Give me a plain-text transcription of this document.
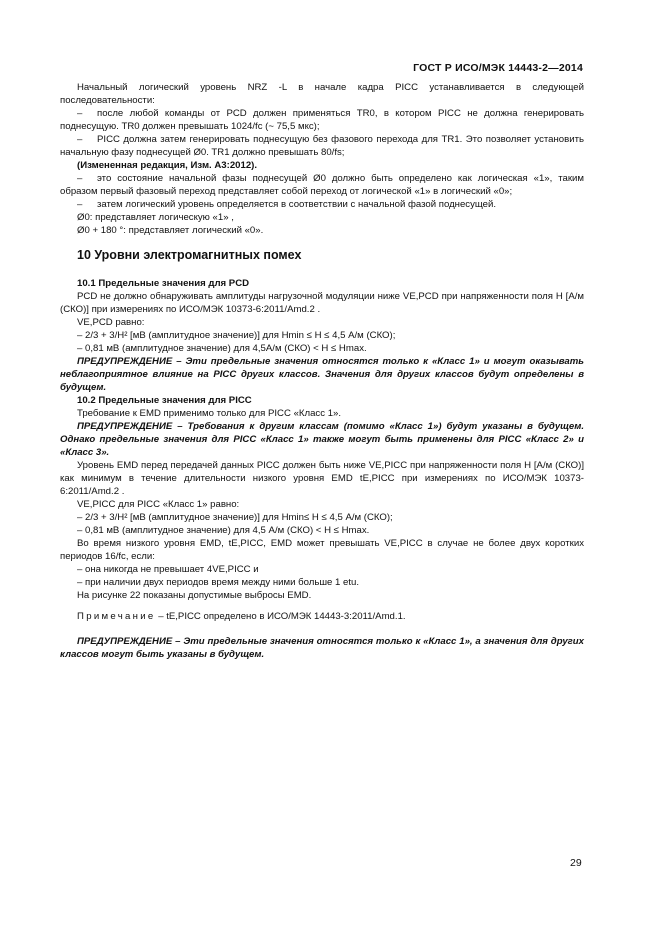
ГОСТ Р ИСО/МЭК 14443-2—2014

Начальный логический уровень NRZ -L в начале кадра PICC устанавливается в следующей последовательности:

– после любой команды от PCD должен применяться TR0, в котором PICC не должна генерировать поднесущую. TR0 должен превышать 1024/fc (~ 75,5 мкс);

– PICC должна затем генерировать поднесущую без фазового перехода для TR1. Это позволяет установить начальную фазу поднесущей Ø0. TR1 должно превышать 80/fs;

(Измененная редакция, Изм. А3:2012).

– это состояние начальной фазы поднесущей Ø0 должно быть определено как логическая «1», таким образом первый фазовый переход представляет собой переход от логической «1» в логический «0»;

– затем логический уровень определяется в соответствии с начальной фазой поднесущей.

Ø0: представляет логическую «1» ,

Ø0 + 180 °: представляет логический «0».

10 Уровни электромагнитных помех

10.1 Предельные значения для PCD

PCD не должно обнаруживать амплитуды нагрузочной модуляции ниже VE,PCD при напряженности поля H [А/м (СКО)] при измерениях по ИСО/МЭК 10373-6:2011/Amd.2 .

VE,PCD равно:

– 2/3 + 3/H² [мВ (амплитудное значение)] для Hmin ≤ H ≤ 4,5 А/м (СКО);

– 0,81 мВ (амплитудное значение) для 4,5А/м (СКО) < H ≤ Hmax.

ПРЕДУПРЕЖДЕНИЕ – Эти предельные значения относятся только к «Класс 1» и могут оказывать неблагоприятное влияние на PICC других классов. Значения для других классов будут определены в будущем.

10.2 Предельные значения для PICC

Требование к EMD применимо только для PICC «Класс 1».

ПРЕДУПРЕЖДЕНИЕ – Требования к другим классам (помимо «Класс 1») будут указаны в будущем. Однако предельные значения для PICC «Класс 1» также могут быть применены для PICC «Класс 2» и «Класс 3».

Уровень EMD перед передачей данных PICC должен быть ниже VE,PICC при напряженности поля H [А/м (СКО)] как минимум в течение длительности низкого уровня EMD tE,PICC при измерениях по ИСО/МЭК 10373-6:2011/Amd.2 .

VE,PICC для PICC «Класс 1» равно:

– 2/3 + 3/H² [мВ (амплитудное значение)] для Hmin≤ H ≤ 4,5 А/м (СКО);

– 0,81 мВ (амплитудное значение) для 4,5 А/м (СКО) < H ≤ Hmax.

Во время низкого уровня EMD, tE,PICC, EMD может превышать VE,PICC в случае не более двух коротких периодов 16/fc, если:

– она никогда не превышает 4VE,PICC и

– при наличии двух периодов время между ними больше 1 etu.

На рисунке 22 показаны допустимые выбросы EMD.

Примечание – tE,PICC определено в ИСО/МЭК 14443-3:2011/Amd.1.

ПРЕДУПРЕЖДЕНИЕ – Эти предельные значения относятся только к «Класс 1», а значения для других классов могут быть указаны в будущем.

29
